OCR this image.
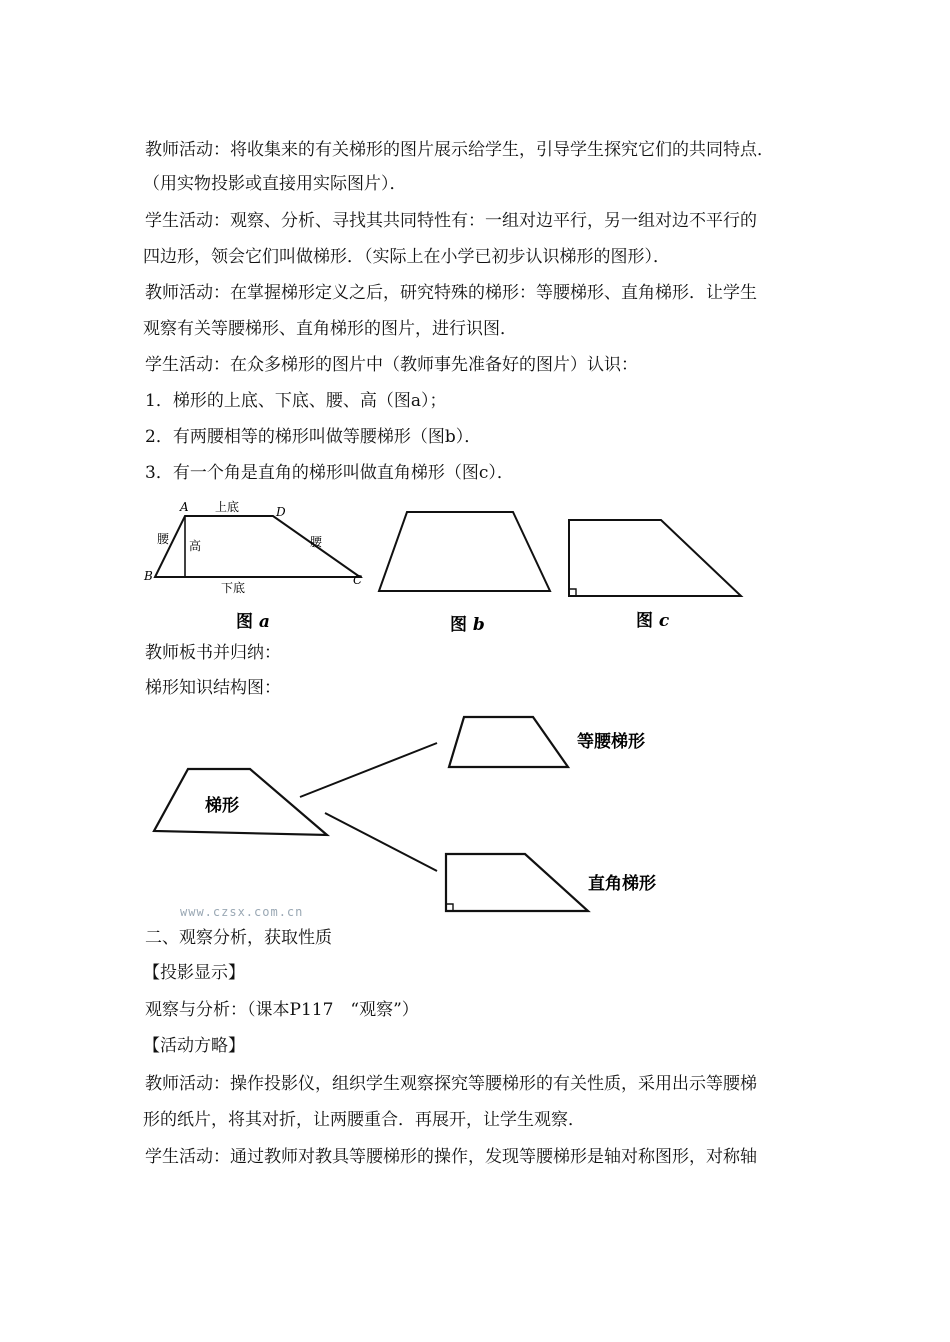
教师活动：将收集来的有关梯形的图片展示给学生，引导学生探究它们的共同特点．
（用实物投影或直接用实际图片）．
学生活动：观察、分析、寻找其共同特性有：一组对边平行，另一组对边不平行的
四边形，领会它们叫做梯形．（实际上在小学已初步认识梯形的图形）．
教师活动：在掌握梯形定义之后，研究特殊的梯形：等腰梯形、直角梯形．让学生
观察有关等腰梯形、直角梯形的图片，进行识图．
学生活动：在众多梯形的图片中（教师事先准备好的图片）认识：
1．梯形的上底、下底、腰、高（图a）；
2．有两腰相等的梯形叫做等腰梯形（图b）．
3．有一个角是直角的梯形叫做直角梯形（图c）．
教师板书并归纳：
梯形知识结构图：
二、观察分析，获取性质
【投影显示】
观察与分析：（课本P117　“观察”）
【活动方略】
教师活动：操作投影仪，组织学生观察探究等腰梯形的有关性质，采用出示等腰梯
形的纸片，将其对折，让两腰重合．再展开，让学生观察．
学生活动：通过教师对教具等腰梯形的操作，发现等腰梯形是轴对称图形，对称轴
A	D
B	C
上底
下底
腰 高	腰
图 a	图 b	图 c
梯形
等腰梯形
直角梯形
www.czsx.com.cn
